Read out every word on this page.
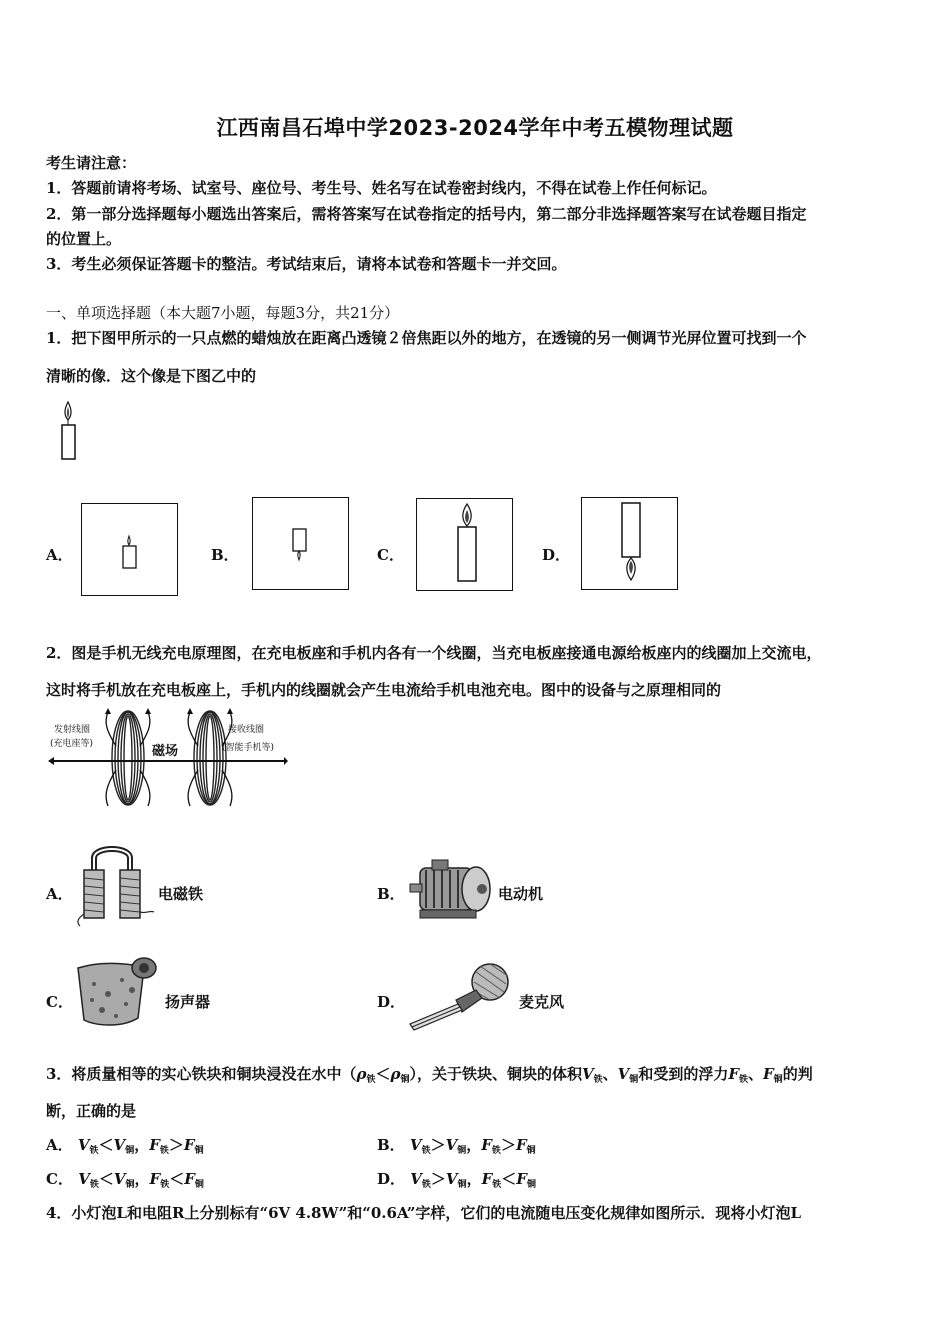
江西南昌石埠中学2023-2024学年中考五模物理试题
考生请注意：
1．答题前请将考场、试室号、座位号、考生号、姓名写在试卷密封线内，不得在试卷上作任何标记。
2．第一部分选择题每小题选出答案后，需将答案写在试卷指定的括号内，第二部分非选择题答案写在试卷题目指定
的位置上。
3．考生必须保证答题卡的整洁。考试结束后，请将本试卷和答题卡一并交回。
一、单项选择题（本大题7小题，每题3分，共21分）
1．把下图甲所示的一只点燃的蜡烛放在距离凸透镜２倍焦距以外的地方，在透镜的另一侧调节光屏位置可找到一个
清晰的像．这个像是下图乙中的
A．	B．	C．	D．
2．图是手机无线充电原理图，在充电板座和手机内各有一个线圈，当充电板座接通电源给板座内的线圈加上交流电，
这时将手机放在充电板座上，手机内的线圈就会产生电流给手机电池充电。图中的设备与之原理相同的
发射线圈
(充电座等)
接收线圈
(智能手机等)
磁场
A．	电磁铁	B．	电动机
C．	扬声器	D．	麦克风
3．将质量相等的实心铁块和铜块浸没在水中$(\rho_铁<\rho_铜)$，关于铁块、铜块的体积$V_铁$、$V_铜$和受到的浮力$F_铁$、$F_铜$的判
断，正确的是
A． $V_铁<V_铜$，$F_铁>F_铜$	B． $V_铁>V_铜$，$F_铁>F_铜$
C． $V_铁<V_铜$，$F_铁<F_铜$	D． $V_铁>V_铜$，$F_铁<F_铜$
4．小灯泡L和电阻R上分别标有“6V 4.8W”和“0.6A”字样，它们的电流随电压变化规律如图所示．现将小灯泡L
